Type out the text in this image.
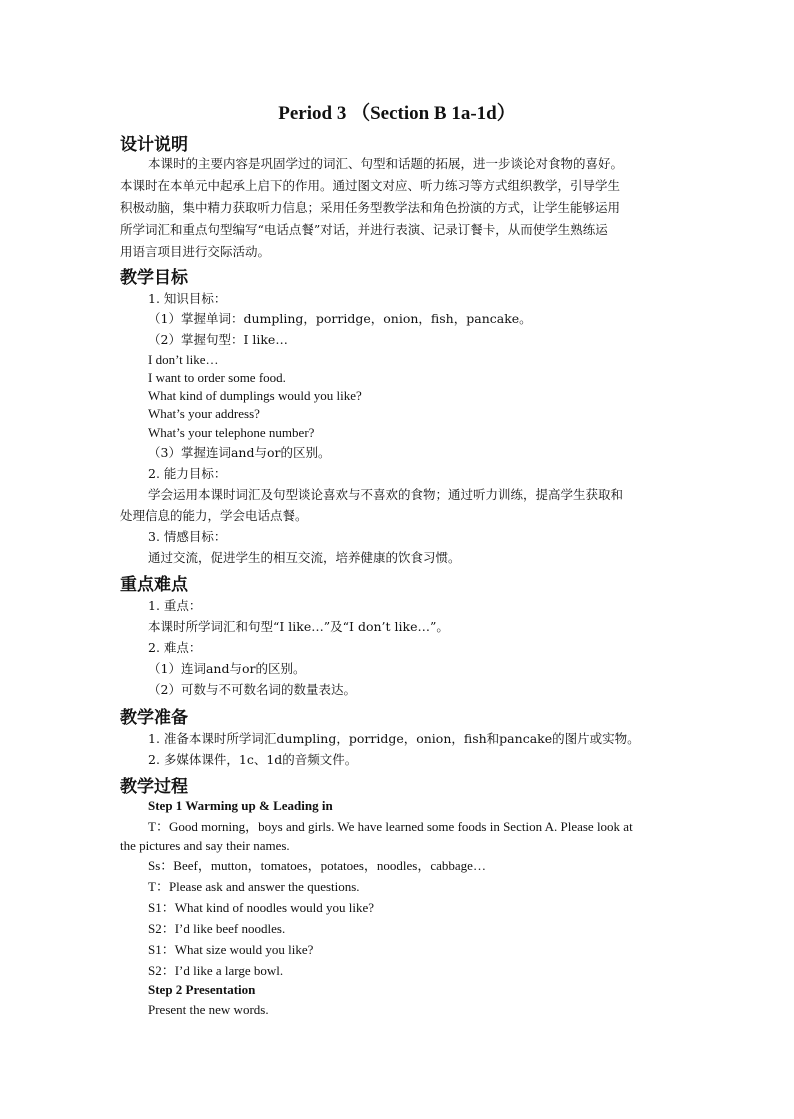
Period 3 （Section B 1a-1d）
设计说明
本课时的主要内容是巩固学过的词汇、句型和话题的拓展，进一步谈论对食物的喜好。
本课时在本单元中起承上启下的作用。通过图文对应、听力练习等方式组织教学，引导学生
积极动脑，集中精力获取听力信息；采用任务型教学法和角色扮演的方式，让学生能够运用
所学词汇和重点句型编写“电话点餐”对话，并进行表演、记录订餐卡，从而使学生熟练运
用语言项目进行交际活动。
教学目标
1. 知识目标：
（1）掌握单词：dumpling，porridge，onion，fish，pancake。
（2）掌握句型：I like…
I don’t like…
I want to order some food.
What kind of dumplings would you like?
What’s your address?
What’s your telephone number?
（3）掌握连词and与or的区别。
2. 能力目标：
学会运用本课时词汇及句型谈论喜欢与不喜欢的食物；通过听力训练，提高学生获取和
处理信息的能力，学会电话点餐。
3. 情感目标：
通过交流，促进学生的相互交流，培养健康的饮食习惯。
重点难点
1. 重点：
本课时所学词汇和句型“I like…”及“I don’t like…”。
2. 难点：
（1）连词and与or的区别。
（2）可数与不可数名词的数量表达。
教学准备
1. 准备本课时所学词汇dumpling，porridge，onion，fish和pancake的图片或实物。
2. 多媒体课件，1c、1d的音频文件。
教学过程
Step 1 Warming up & Leading in
T：Good morning，boys and girls. We have learned some foods in Section A. Please look at
the pictures and say their names.
Ss：Beef，mutton，tomatoes，potatoes，noodles，cabbage…
T：Please ask and answer the questions.
S1：What kind of noodles would you like?
S2：I’d like beef noodles.
S1：What size would you like?
S2：I’d like a large bowl.
Step 2 Presentation
Present the new words.
